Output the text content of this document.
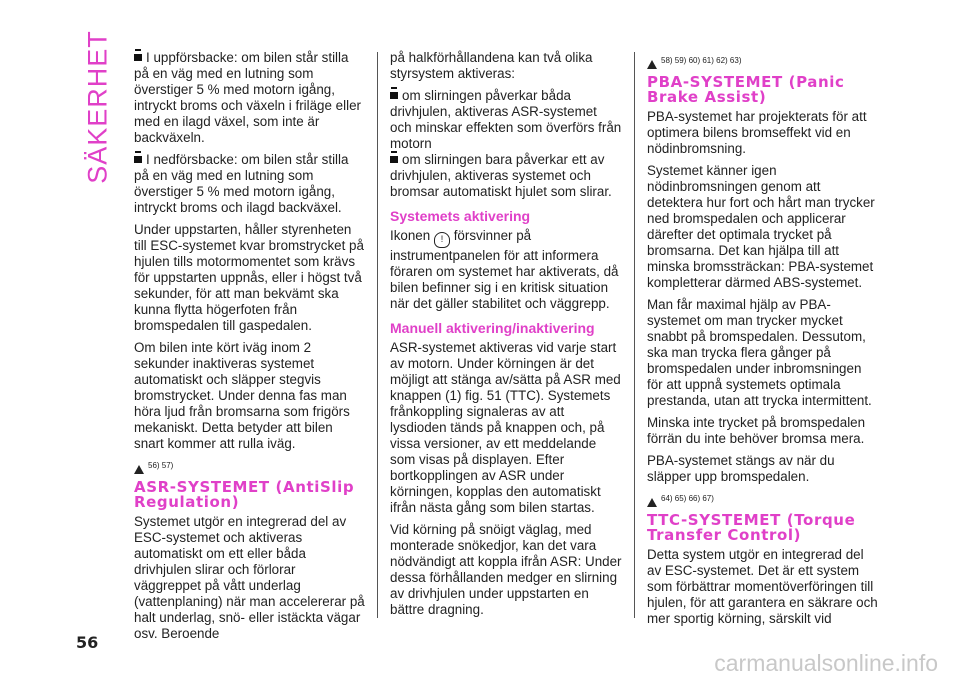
SÄKERHET	I uppförsbacke: om bilen står stilla på en väg med en lutning som överstiger 5 % med motorn igång, intryckt broms och växeln i friläge eller med en ilagd växel, som inte är backväxeln.

I nedförsbacke: om bilen står stilla på en väg med en lutning som överstiger 5 % med motorn igång, intryckt broms och ilagd backväxel.

Under uppstarten, håller styrenheten till ESC-systemet kvar bromstrycket på hjulen tills motormomentet som krävs för uppstarten uppnås, eller i högst två sekunder, för att man bekvämt ska kunna flytta högerfoten från bromspedalen till gaspedalen.

Om bilen inte kört iväg inom 2 sekunder inaktiveras systemet automatiskt och släpper stegvis bromstrycket. Under denna fas man höra ljud från bromsarna som frigörs mekaniskt. Detta betyder att bilen snart kommer att rulla iväg.

56) 57)
ASR-SYSTEMET (AntiSlip Regulation)

Systemet utgör en integrerad del av ESC-systemet och aktiveras automatiskt om ett eller båda drivhjulen slirar och förlorar väggreppet på vått underlag (vattenplaning) när man accelererar på halt underlag, snö- eller istäckta vägar osv. Beroende

på halkförhållandena kan två olika styrsystem aktiveras:

om slirningen påverkar båda drivhjulen, aktiveras ASR-systemet och minskar effekten som överförs från motorn

om slirningen bara påverkar ett av drivhjulen, aktiveras systemet och bromsar automatiskt hjulet som slirar.

Systemets aktivering

Ikonen ! försvinner på instrumentpanelen för att informera föraren om systemet har aktiverats, då bilen befinner sig i en kritisk situation när det gäller stabilitet och väggrepp.

Manuell aktivering/inaktivering

ASR-systemet aktiveras vid varje start av motorn. Under körningen är det möjligt att stänga av/sätta på ASR med knappen (1) fig. 51 (TTC). Systemets frånkoppling signaleras av att lysdioden tänds på knappen och, på vissa versioner, av ett meddelande som visas på displayen. Efter bortkopplingen av ASR under körningen, kopplas den automatiskt ifrån nästa gång som bilen startas.

Vid körning på snöigt väglag, med monterade snökedjor, kan det vara nödvändigt att koppla ifrån ASR: Under dessa förhållanden medger en slirning av drivhjulen under uppstarten en bättre dragning.

58) 59) 60) 61) 62) 63)
PBA-SYSTEMET (Panic Brake Assist)

PBA-systemet har projekterats för att optimera bilens bromseffekt vid en nödinbromsning.

Systemet känner igen nödinbromsningen genom att detektera hur fort och hårt man trycker ned bromspedalen och applicerar därefter det optimala trycket på bromsarna. Det kan hjälpa till att minska bromssträckan: PBA-systemet kompletterar därmed ABS-systemet.

Man får maximal hjälp av PBA-systemet om man trycker mycket snabbt på bromspedalen. Dessutom, ska man trycka flera gånger på bromspedalen under inbromsningen för att uppnå systemets optimala prestanda, utan att trycka intermittent.

Minska inte trycket på bromspedalen förrän du inte behöver bromsa mera.

PBA-systemet stängs av när du släpper upp bromspedalen.

64) 65) 66) 67)
TTC-SYSTEMET (Torque Transfer Control)

Detta system utgör en integrerad del av ESC-systemet. Det är ett system som förbättrar momentöverföringen till hjulen, för att garantera en säkrare och mer sportig körning, särskilt vid

56
carmanualsonline.info
